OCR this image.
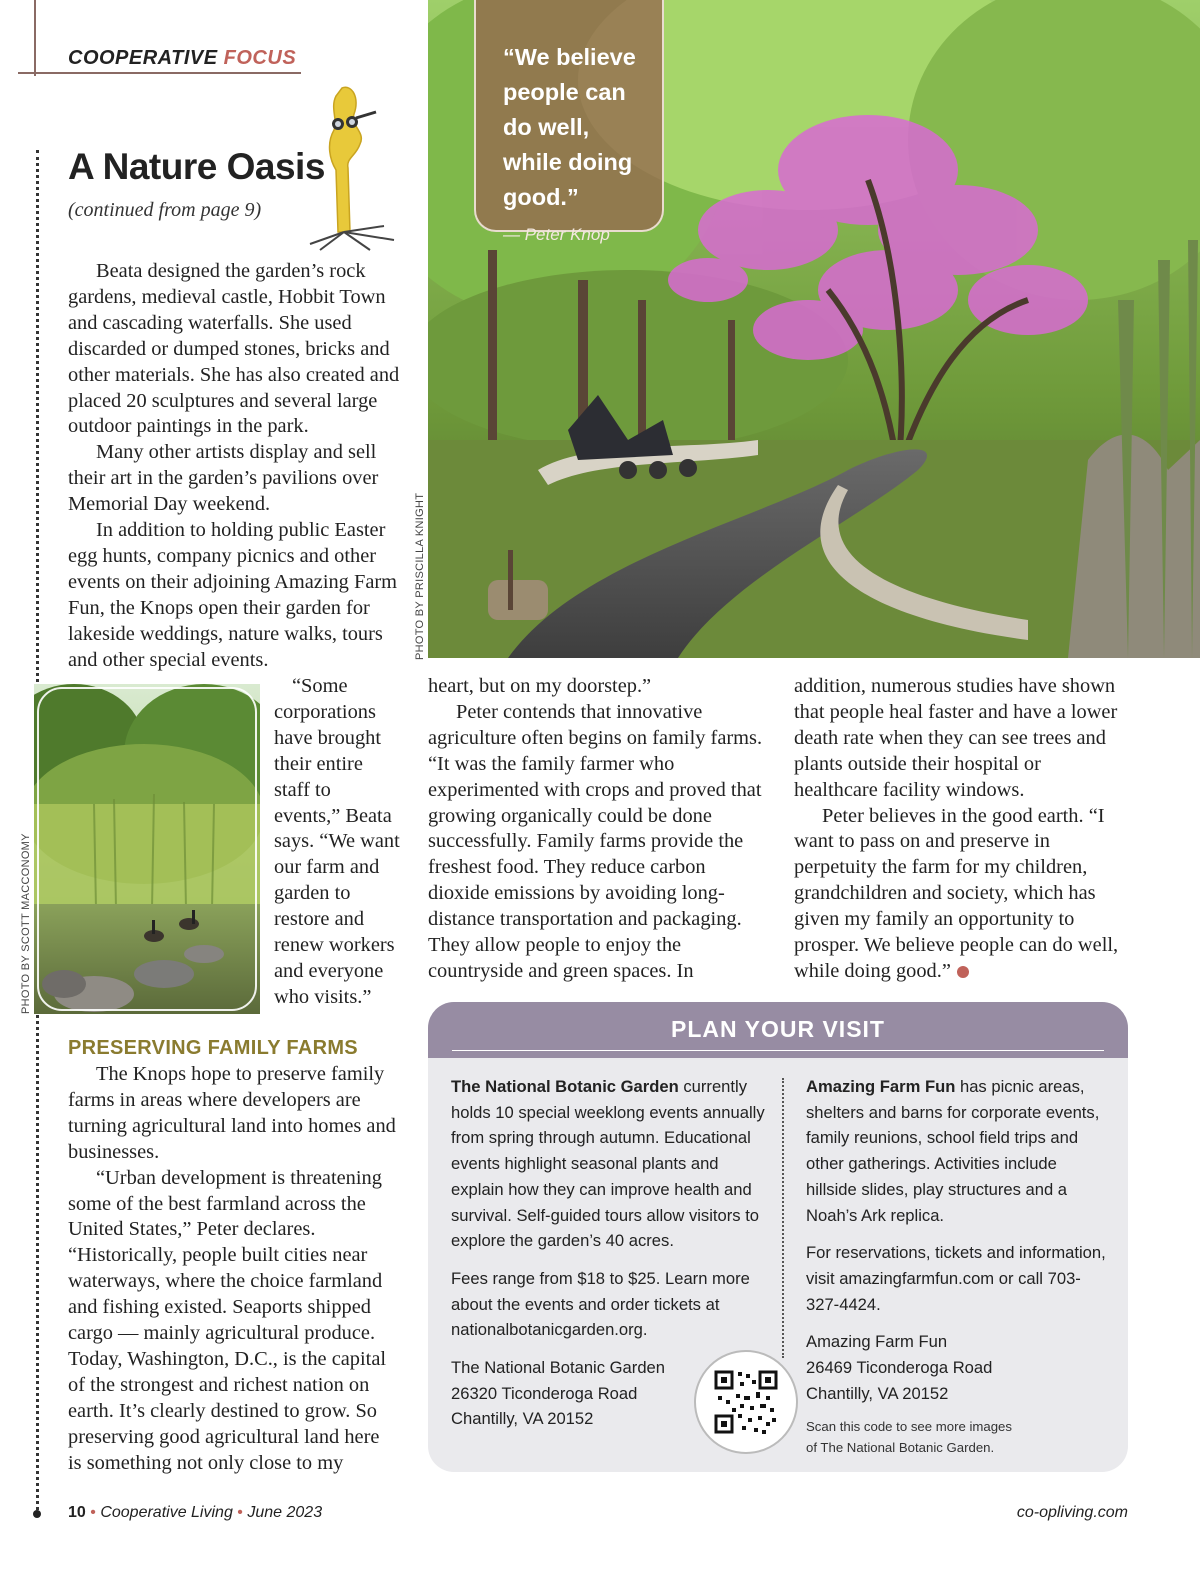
COOPERATIVE FOCUS
A Nature Oasis
(continued from page 9)

Beata designed the garden’s rock gardens, medieval castle, Hobbit Town and cascading waterfalls. She used discarded or dumped stones, bricks and other materials. She has also created and placed 20 sculptures and several large outdoor paintings in the park.

Many other artists display and sell their art in the garden’s pavilions over Memorial Day weekend.

In addition to holding public Easter egg hunts, company picnics and other events on their adjoining Amazing Farm Fun, the Knops open their garden for lakeside weddings, nature walks, tours and other special events.

PHOTO BY SCOTT MACCONOMY

“Some corporations have brought their entire staff to events,” Beata says. “We want our farm and garden to restore and renew workers and everyone who visits.”

PRESERVING FAMILY FARMS

The Knops hope to preserve family farms in areas where developers are turning agricultural land into homes and businesses.

“Urban development is threatening some of the best farmland across the United States,” Peter declares. “Historically, people built cities near waterways, where the choice farmland and fishing existed. Seaports shipped cargo — mainly agricultural produce. Today, Washington, D.C., is the capital of the strongest and richest nation on earth. It’s clearly destined to grow. So preserving good agricultural land here is something not only close to my

PHOTO BY PRISCILLA KNIGHT
“We believe people can do well, while doing good.”
— Peter Knop

heart, but on my doorstep.”

Peter contends that innovative agriculture often begins on family farms. “It was the family farmer who experimented with crops and proved that growing organically could be done successfully. Family farms provide the freshest food. They reduce carbon dioxide emissions by avoiding long-distance transportation and packaging. They allow people to enjoy the countryside and green spaces. In

addition, numerous studies have shown that people heal faster and have a lower death rate when they can see trees and plants outside their hospital or healthcare facility windows.

Peter believes in the good earth. “I want to pass on and preserve in perpetuity the farm for my children, grandchildren and society, which has given my family an opportunity to prosper. We believe people can do well, while doing good.”

PLAN YOUR VISIT

The National Botanic Garden currently holds 10 special weeklong events annually from spring through autumn. Educational events highlight seasonal plants and explain how they can improve health and survival. Self-guided tours allow visitors to explore the garden’s 40 acres.

Fees range from $18 to $25. Learn more about the events and order tickets at nationalbotanicgarden.org.

The National Botanic Garden
26320 Ticonderoga Road
Chantilly, VA 20152

Amazing Farm Fun has picnic areas, shelters and barns for corporate events, family reunions, school field trips and other gatherings. Activities include hillside slides, play structures and a Noah’s Ark replica.

For reservations, tickets and information, visit amazingfarmfun.com or call 703-327-4424.

Amazing Farm Fun
26469 Ticonderoga Road
Chantilly, VA 20152
Scan this code to see more images
of The National Botanic Garden.
10 • Cooperative Living • June 2023	co-opliving.com
